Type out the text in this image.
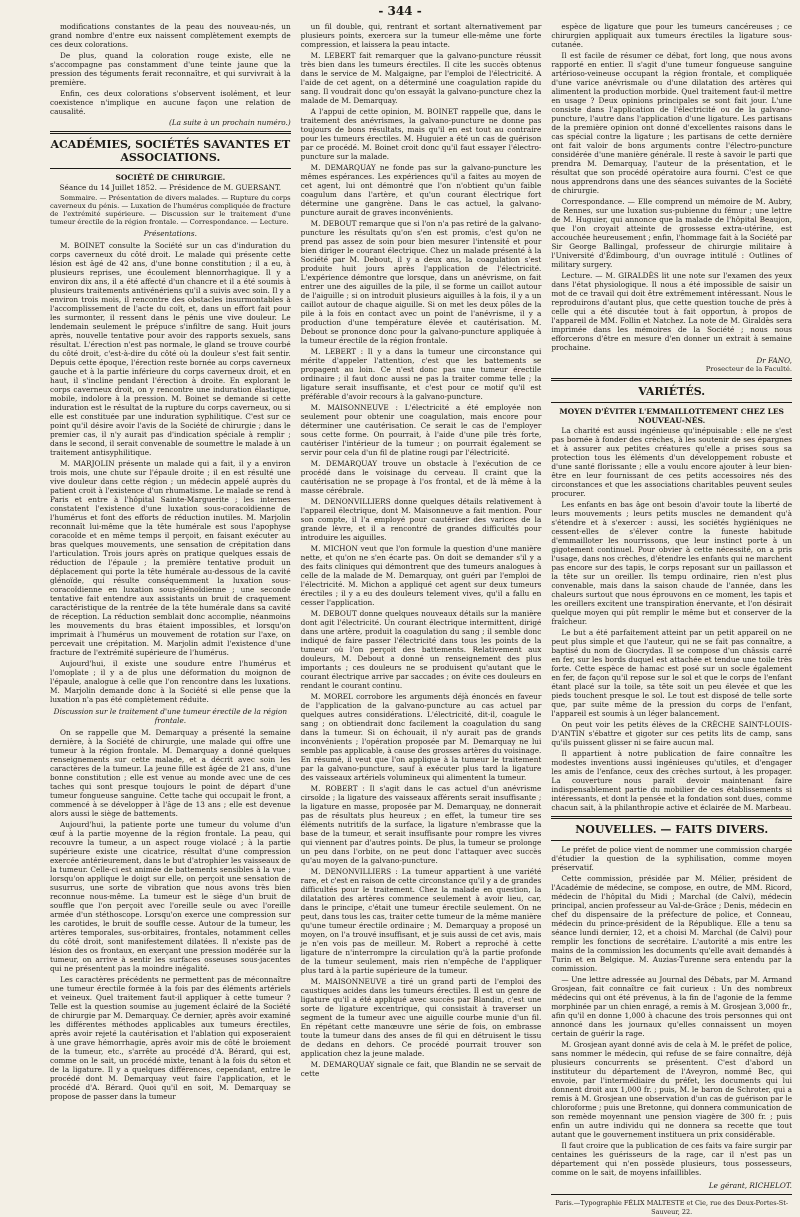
- 344 -

modifications constantes de la peau des nouveau-nés, un grand nombre d'entre eux naissent complètement exempts de ces deux colorations.

De plus, quand la coloration rouge existe, elle ne s'accompagne pas constamment d'une teinte jaune que la pression des téguments ferait reconnaître, et qui survivrait à la première.

Enfin, ces deux colorations s'observent isolément, et leur coexistence n'implique en aucune façon une relation de causalité.

(La suite à un prochain numéro.)
ACADÉMIES, SOCIÉTÉS SAVANTES ET ASSOCIATIONS.
SOCIÉTÉ DE CHIRURGIE.
Séance du 14 Juillet 1852. — Présidence de M. GUERSANT.
Sommaire. — Présentation de divers malades. — Rupture du corps caverneux du pénis. — Luxation de l'humérus compliquée de fracture de l'extrémité supérieure. — Discussion sur le traitement d'une tumeur érectile de la région frontale. — Correspondance. — Lecture.
Présentations.

M. BOINET consulte la Société sur un cas d'induration du corps caverneux du côté droit. Le malade qui présente cette lésion est âgé de 42 ans, d'une bonne constitution ; il a eu, à plusieurs reprises, une écoulement blennorrhagique. Il y a environ dix ans, il a été affecté d'un chancre et il a été soumis à plusieurs traitements antivénériens qu'il a suivis avec soin. Il y a environ trois mois, il rencontre des obstacles insurmontables à l'accomplissement de l'acte du coït, et, dans un effort fait pour les surmonter, il ressent dans le pénis une vive douleur. Le lendemain seulement le prépuce s'infiltre de sang. Huit jours après, nouvelle tentative pour avoir des rapports sexuels, sans résultat. L'érection n'est pas normale, le gland se trouve courbé du côté droit, c'est-à-dire du côté où la douleur s'est fait sentir. Depuis cette époque, l'érection reste bornée au corps caverneux gauche et à la partie inférieure du corps caverneux droit, et en haut, il s'incline pendant l'érection à droite. En explorant le corps caverneux droit, on y rencontre une induration élastique, mobile, indolore à la pression. M. Boinet se demande si cette induration est le résultat de la rupture du corps caverneux, ou si elle est constituée par une induration syphilitique. C'est sur ce point qu'il désire avoir l'avis de la Société de chirurgie ; dans le premier cas, il n'y aurait pas d'indication spéciale à remplir ; dans le second, il serait convenable de soumettre le malade à un traitement antisyphilitique.

M. MARJOLIN présente un malade qui a fait, il y a environ trois mois, une chute sur l'épaule droite ; il en est résulté une vive douleur dans cette région ; un médecin appelé auprès du patient croit à l'existence d'un rhumatisme. Le malade se rend à Paris et entre à l'hôpital Sainte-Marguerite ; les internes constatent l'existence d'une luxation sous-coracoïdienne de l'humérus et font des efforts de réduction inutiles. M. Marjolin reconnaît lui-même que la tête humérale est sous l'apophyse coracoïde et en même temps il perçoit, en faisant exécuter au bras quelques mouvements, une sensation de crépitation dans l'articulation. Trois jours après on pratique quelques essais de réduction de l'épaule ; la première tentative produit un déplacement qui porte la tête humérale au-dessous de la cavité glénoïde, qui résulte conséquemment la luxation sous-coracoïdienne en luxation sous-glénoïdienne ; une seconde tentative fait entendre aux assistants un bruit de craquement caractéristique de la rentrée de la tête humérale dans sa cavité de réception. La réduction semblait donc accomplie, néanmoins les mouvements du bras étaient impossibles, et lorsqu'on imprimait à l'humérus un mouvement de rotation sur l'axe, on percevait une crépitation. M. Marjolin admit l'existence d'une fracture de l'extrémité supérieure de l'humérus.

Aujourd'hui, il existe une soudure entre l'humérus et l'omoplate ; il y a de plus une déformation du moignon de l'épaule, analogue à celle que l'on rencontre dans les luxations. M. Marjolin demande donc à la Société si elle pense que la luxation n'a pas été complètement réduite.

Discussion sur le traitement d'une tumeur érectile de la région frontale.

On se rappelle que M. Demarquay a présenté la semaine dernière, à la Société de chirurgie, une malade qui offre une tumeur à la région frontale. M. Demarquay a donné quelques renseignements sur cette malade, et a décrit avec soin les caractères de la tumeur. La jeune fille est âgée de 21 ans, d'une bonne constitution ; elle est venue au monde avec une de ces taches qui sont presque toujours le point de départ d'une tumeur fongueuse sanguine. Cette tache qui occupait le front, a commencé à se développer à l'âge de 13 ans ; elle est devenue alors aussi le siège de battements.

Aujourd'hui, la patiente porte une tumeur du volume d'un œuf à la partie moyenne de la région frontale. La peau, qui recouvre la tumeur, a un aspect rouge violacé ; à la partie supérieure existe une cicatrice, résultat d'une compression exercée antérieurement, dans le but d'atrophier les vaisseaux de la tumeur. Celle-ci est animée de battements sensibles à la vue ; lorsqu'on applique le doigt sur elle, on perçoit une sensation de susurrus, une sorte de vibration que nous avons très bien reconnue nous-même. La tumeur est le siège d'un bruit de souffle que l'on perçoit avec l'oreille seule ou avec l'oreille armée d'un stéthoscope. Lorsqu'on exerce une compression sur les carotides, le bruit de souffle cesse. Autour de la tumeur, les artères temporales, sus-orbitaires, frontales, notamment celles du côté droit, sont manifestement dilatées. Il n'existe pas de lésion des os frontaux, en exerçant une pression modérée sur la tumeur, on arrive à sentir les surfaces osseuses sous-jacentes qui ne présentent pas la moindre inégalité.

Les caractères précédents ne permettent pas de méconnaître une tumeur érectile formée à la fois par des éléments artériels et veineux. Quel traitement faut-il appliquer à cette tumeur ? Telle est la question soumise au jugement éclairé de la Société de chirurgie par M. Demarquay. Ce dernier, après avoir examiné les différentes méthodes applicables aux tumeurs érectiles, après avoir rejeté la cautérisation et l'ablation qui exposeraient à une grave hémorrhagie, après avoir mis de côté le broiement de la tumeur, etc., s'arrête au procédé d'A. Bérard, qui est, comme on le sait, un procédé mixte, tenant à la fois du séton et de la ligature. Il y a quelques différences, cependant, entre le procédé dont M. Demarquay veut faire l'application, et le procédé d'A. Bérard. Quoi qu'il en soit, M. Demarquay se propose de passer dans la tumeur

un fil double, qui, rentrant et sortant alternativement par plusieurs points, exercera sur la tumeur elle-même une forte compression, et laissera la peau intacte.

M. LEBERT fait remarquer que la galvano-puncture réussit très bien dans les tumeurs érectiles. Il cite les succès obtenus dans le service de M. Malgaigne, par l'emploi de l'électricité. A l'aide de cet agent, on a déterminé une coagulation rapide du sang. Il voudrait donc qu'on essayât la galvano-puncture chez la malade de M. Demarquay.

A l'appui de cette opinion, M. BOINET rappelle que, dans le traitement des anévrismes, la galvano-puncture ne donne pas toujours de bons résultats, mais qu'il en est tout au contraire pour les tumeurs érectiles. M. Huguier a été un cas de guérison par ce procédé. M. Boinet croit donc qu'il faut essayer l'électro-puncture sur la malade.

M. DEMARQUAY ne fonde pas sur la galvano-puncture les mêmes espérances. Les expériences qu'il a faites au moyen de cet agent, lui ont démontré que l'on n'obtient qu'un faible coagulum dans l'artère, et qu'un courant électrique fort détermine une gangrène. Dans le cas actuel, la galvano-puncture aurait de graves inconvénients.

M. DEBOUT remarque que si l'on n'a pas retiré de la galvano-puncture les résultats qu'on s'en est promis, c'est qu'on ne prend pas assez de soin pour bien mesurer l'intensité et pour bien diriger le courant électrique. Chez un malade présenté à la Société par M. Debout, il y a deux ans, la coagulation s'est produite huit jours après l'application de l'électricité. L'expérience démontre que lorsque, dans un anévrisme, on fait entrer une des aiguilles de la pile, il se forme un caillot autour de l'aiguille ; si on introduit plusieurs aiguilles à la fois, il y a un caillot autour de chaque aiguille. Si on met les deux pôles de la pile à la fois en contact avec un point de l'anévrisme, il y a production d'une température élevée et cautérisation. M. Debout se prononce donc pour la galvano-puncture appliquée à la tumeur érectile de la région frontale.

M. LEBERT : Il y a dans la tumeur une circonstance qui mérite d'appeler l'attention, c'est que les battements se propagent au loin. Ce n'est donc pas une tumeur érectile ordinaire ; il faut donc aussi ne pas la traiter comme telle ; la ligature serait insuffisante, et c'est pour ce motif qu'il est préférable d'avoir recours à la galvano-puncture.

M. MAISONNEUVE : L'électricité a été employée non seulement pour obtenir une coagulation, mais encore pour déterminer une cautérisation. Ce serait le cas de l'employer sous cette forme. On pourrait, à l'aide d'une pile très forte, cautériser l'intérieur de la tumeur ; on pourrait également se servir pour cela d'un fil de platine rougi par l'électricité.

M. DEMARQUAY trouve un obstacle à l'exécution de ce procédé dans le voisinage du cerveau. Il craint que la cautérisation ne se propage à l'os frontal, et de là même à la masse cérébrale.

M. DENONVILLIERS donne quelques détails relativement à l'appareil électrique, dont M. Maisonneuve a fait mention. Pour son compte, il l'a employé pour cautériser des varices de la grande lèvre, et il a rencontré de grandes difficultés pour introduire les aiguilles.

M. MICHON veut que l'on formule la question d'une manière nette, et qu'on ne s'en écarte pas. On doit se demander s'il y a des faits cliniques qui démontrent que des tumeurs analogues à celle de la malade de M. Demarquay, ont guéri par l'emploi de l'électricité. M. Michon a appliqué cet agent sur deux tumeurs érectiles ; il y a eu des douleurs telement vives, qu'il a fallu en cesser l'application.

M. DEBOUT donne quelques nouveaux détails sur la manière dont agit l'électricité. Un courant électrique intermittent, dirigé dans une artère, produit la coagulation du sang ; il semble donc indiqué de faire passer l'électricité dans tous les points de la tumeur où l'on perçoit des battements. Relativement aux douleurs, M. Debout a donné un renseignement des plus importants ; ces douleurs ne se produisent qu'autant que le courant électrique arrive par saccades ; on évite ces douleurs en rendant le courant continu.

M. MOREL corrobore les arguments déjà énoncés en faveur de l'application de la galvano-puncture au cas actuel par quelques autres considérations. L'électricité, dit-il, coagule le sang ; on obtiendrait donc facilement la coagulation du sang dans la tumeur. Si on échouait, il n'y aurait pas de grands inconvénients ; l'opération proposée par M. Demarquay ne lui semble pas applicable, à cause des grosses artères du voisinage. En résumé, il veut que l'on applique à la tumeur le traitement par la galvano-puncture, sauf à exécuter plus tard la ligature des vaisseaux artériels volumineux qui alimentent la tumeur.

M. ROBERT : Il s'agit dans le cas actuel d'un anévrisme cirsoïde ; la ligature des vaisseaux afférents serait insuffisante ; la ligature en masse, proposée par M. Demarquay, ne donnerait pas de résultats plus heureux ; en effet, la tumeur tire ses éléments nutritifs de la surface, la ligature n'embrasse que la base de la tumeur, et serait insuffisante pour rompre les vivres qui viennent par d'autres points. De plus, la tumeur se prolonge un peu dans l'orbite, on ne peut donc l'attaquer avec succès qu'au moyen de la galvano-puncture.

M. DENONVILLIERS : La tumeur appartient à une variété rare, et c'est en raison de cette circonstance qu'il y a de grandes difficultés pour le traitement. Chez la malade en question, la dilatation des artères commence seulement à avoir lieu, car, dans le principe, c'était une tumeur érectile seulement. On ne peut, dans tous les cas, traiter cette tumeur de la même manière qu'une tumeur érectile ordinaire ; M. Demarquay a proposé un moyen, on l'a trouvé insuffisant, et je suis aussi de cet avis, mais je n'en vois pas de meilleur. M. Robert a reproché à cette ligature de n'interrompre la circulation qu'à la partie profonde de la tumeur seulement, mais rien n'empêche de l'appliquer plus tard à la partie supérieure de la tumeur.

M. MAISONNEUVE a tiré un grand parti de l'emploi des caustiques acides dans les tumeurs érectiles. Il est un genre de ligature qu'il a été appliqué avec succès par Blandin, c'est une sorte de ligature excentrique, qui consistait à traverser un segment de la tumeur avec une aiguille courbe munie d'un fil. En répétant cette manœuvre une série de fois, on embrasse toute la tumeur dans des anses de fil qui en détruisent le tissu de dedans en dehors. Ce procédé pourrait trouver son application chez la jeune malade.

M. DEMARQUAY signale ce fait, que Blandin ne se servait de cette

espèce de ligature que pour les tumeurs cancéreuses ; ce chirurgien appliquait aux tumeurs érectiles la ligature sous-cutanée.

Il est facile de résumer ce débat, fort long, que nous avons rapporté en entier. Il s'agit d'une tumeur fongueuse sanguine artérioso-veineuse occupant la région frontale, et compliquée d'une varice anévrismale ou d'une dilatation des artères qui alimentent la production morbide. Quel traitement faut-il mettre en usage ? Deux opinions principales se sont fait jour. L'une consiste dans l'application de l'électricité ou de la galvano-puncture, l'autre dans l'application d'une ligature. Les partisans de la première opinion ont donné d'excellentes raisons dans le cas spécial contre la ligature ; les partisans de cette dernière ont fait valoir de bons arguments contre l'électro-puncture considérée d'une manière générale. Il reste à savoir le parti que prendra M. Demarquay, l'auteur de la présentation, et le résultat que son procédé opératoire aura fourni. C'est ce que nous apprendrons dans une des séances suivantes de la Société de chirurgie.

Correspondance. — Elle comprend un mémoire de M. Aubry, de Rennes, sur une luxation sus-pubienne du fémur ; une lettre de M. Huguier, qui annonce que la malade de l'hôpital Beaujon, que l'on croyait atteinte de grossesse extra-utérine, est accouchée heureusement ; enfin, l'hommage fait à la Société par Sir George Ballingal, professeur de chirurgie militaire à l'Université d'Édimbourg, d'un ouvrage intitulé : Outlines of military surgery.

Lecture. — M. GIRALDÈS lit une note sur l'examen des yeux dans l'état physiologique. Il nous a été impossible de saisir un mot de ce travail qui doit être extrêmement intéressant. Nous le reproduirons d'autant plus, que cette question touche de près à celle qui a été discutée tout à fait opportun, à propos de l'appareil de MM. Follin et Natchez. La note de M. Giraldès sera imprimée dans les mémoires de la Société ; nous nous efforcerons d'être en mesure d'en donner un extrait à semaine prochaine.

Dr FANO,
Prosecteur de la Faculté.
VARIÉTÉS.
MOYEN D'ÉVITER L'EMMAILLOTTEMENT CHEZ LES NOUVEAU-NÉS.

La charité est aussi ingénieuse qu'inépuisable : elle ne s'est pas bornée à fonder des crèches, à les soutenir de ses épargnes et à assurer aux petites créatures qu'elle a prises sous sa protection tous les éléments d'un développement robuste et d'une santé florissante ; elle a voulu encore ajouter à leur bien-être en leur fournissant de ces petits accessoires nés des circonstances et que les associations charitables peuvent seules procurer.

Les enfants en bas âge ont besoin d'avoir toute la liberté de leurs mouvements ; leurs petits muscles ne demandent qu'à s'étendre et à s'exercer : aussi, les sociétés hygiéniques ne cessent-elles de s'élever contre la funeste habitude d'emmailloter les nourrissons, que leur instinct porte à un gigotement continuel. Pour obvier à cette nécessité, on a pris l'usage, dans nos crèches, d'étendre les enfants qui ne marchent pas encore sur des tapis, le corps reposant sur un paillasson et la tête sur un oreiller. Ils tempu ordinaire, rien n'est plus convenable, mais dans la saison chaude de l'année, dans les chaleurs surtout que nous éprouvons en ce moment, les tapis et les oreillers excitent une transpiration énervante, et l'on désirait quelque moyen qui pût remplir le même but et conserver de la fraîcheur.

Le but a été parfaitement atteint par un petit appareil on ne peut plus simple et que l'auteur, qui ne se fait pas connaître, a baptisé du nom de Giocrydas. Il se compose d'un châssis carré en fer, sur les bords duquel est attachée et tendue une toile très forte. Cette espèce de hamac est posé sur un socle également en fer, de façon qu'il repose sur le sol et que le corps de l'enfant étant placé sur la toile, sa tête soit un peu élevée et que les pieds touchent presque le sol. Le tout est disposé de telle sorte que, par suite même de la pression du corps de l'enfant, l'appareil est soumis à un léger balancement.

On peut voir les petits élèves de la CRÈCHE SAINT-LOUIS-D'ANTIN s'ébattre et gigoter sur ces petits lits de camp, sans qu'ils puissent glisser ni se faire aucun mal.

Il appartient à notre publication de faire connaître les modestes inventions aussi ingénieuses qu'utiles, et d'engager les amis de l'enfance, ceux des crèches surtout, à les propager. La couverture nous paraît devoir maintenant faire indispensablement partie du mobilier de ces établissements si intéressants, et dont la pensée et la fondation sont dues, comme chacun sait, à la philanthropie active et éclairée de M. Marbeau.

NOUVELLES. — FAITS DIVERS.

Le préfet de police vient de nommer une commission chargée d'étudier la question de la syphilisation, comme moyen préservatif.

Cette commission, présidée par M. Mélier, président de l'Académie de médecine, se compose, en outre, de MM. Ricord, médecin de l'hôpital du Midi ; Marchal (de Calvi), médecin principal, ancien professeur au Val-de-Grâce ; Denis, médecin en chef du dispensaire de la préfecture de police, et Conneau, médecin du prince-président de la République. Elle a tenu sa séance lundi dernier, 12, et a choisi M. Marchal (de Calvi) pour remplir les fonctions de secrétaire. L'autorité a mis entre les mains de la commission les documents qu'elle avait demandés à Turin et en Belgique. M. Auzias-Turenne sera entendu par la commission.

— Une lettre adressée au Journal des Débats, par M. Armand Grosjean, fait connaître ce fait curieux : Un des nombreux médecins qui ont été prévenus, à la fin de l'agonie de la femme morphinée par un chien enragé, a remis à M. Grosjean 3,000 fr., afin qu'il en donne 1,000 à chacune des trois personnes qui ont annoncé dans les journaux qu'elles connaissent un moyen certain de guérir la rage.

M. Grosjean ayant donné avis de cela à M. le préfet de police, sans nommer le médecin, qui refuse de se faire connaître, déjà plusieurs concurrents se présentent. C'est d'abord un instituteur du département de l'Aveyron, nommé Bec, qui envoie, par l'intermédiaire du préfet, les documents qui lui donnent droit aux 1,000 fr. ; puis, M. le baron de Schroter, qui a remis à M. Grosjean une observation d'un cas de guérison par le chloroforme ; puis une Bretonne, qui donnera communication de son remède moyennant une pension viagère de 300 fr. ; puis enfin un autre individu qui ne donnera sa recette que tout autant que le gouvernement instituera un prix considérable.

Il faut croire que la publication de ces faits va faire surgir par centaines les guérisseurs de la rage, car il n'est pas un département qui n'en possède plusieurs, tous possesseurs, comme on le sait, de moyens infaillibles.

Le gérant, RICHELOT.
Paris.—Typographie FÉLIX MALTESTE et Cie, rue des Deux-Portes-St-Sauveur, 22.
